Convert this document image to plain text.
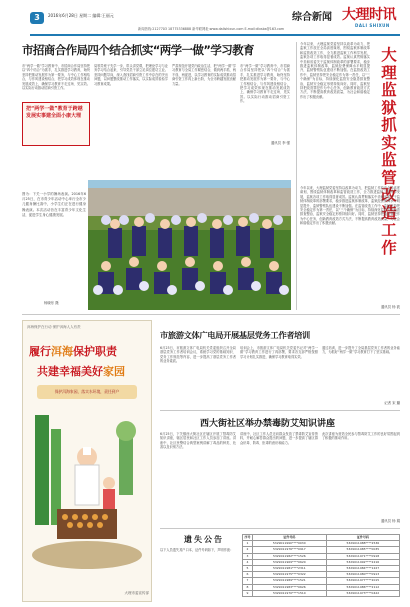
3	2016年6月28日 星期二 编辑:王丽元
新闻热线:2127703 18775336888 新华联网址:www.dalishixun.com E-mail:dlxsbs@163.com
综合新闻 大理时讯
DALI SHIXUN
市招商合作局四个结合抓实“两学一做”学习教育
市“两学一做”学习教育中，市招商合作局坚持把以“四个结合”为抓手，扎实推进学习教育，始终坚持把推动发展作为第一要务，与中心工作相结合，与作风建设相结合，把学习成效体现在推动发展成效上，确保学习教育不走过场、见实效。以实际行动推动招商引资工作。
把“两学一做”教育于跨越发展实事建全面小康大理
局领导班子先学一步，带头讲党课，把理论学习与业务学习结合起来，引导党员干部立足岗位建功立业。坚持问题导向，深入查找招商引资工作中存在的突出问题，以问题整改推动工作落实，以实际成效检验学习教育成果。
严肃规范开展党内政治生活，把“两学一做”学习教育与全局工作紧密结合，做到两手抓、两不误、两促进，以学习教育的实际成效推动招商引资工作再上新台阶，为全市跨越发展贡献力量。
市“两学一做”学习教育中，市招商合作局坚持把以“四个结合”为抓手，扎实推进学习教育，始终坚持把推动发展作为第一要务，与中心工作相结合，与作风建设相结合，把学习成效体现在推动发展成效上，确保学习教育不走过场、见实效。以实际行动推动招商引资工作。
通讯员 李 强
图为：下关一小学的操场表演。2016年6月25日，在市青少年活动中心举行全市少儿健身操比赛中，小学生们正在进行健身操表演。本次活动旨在丰富青少年文化生活，促进学生身心健康发展。
杨晓东 摄
今年以来，大理监狱党委坚持以改革为动力，把监狱工作放在全局高度谋划，围绕监狱体制改革和监管改造工作，全力推进监狱工作科学发展，监狱各项工作取得显著成效。监狱认真贯彻落实中央和省委关于监狱体制改革的部署要求，稳步推进监狱体制改革，监狱经费保障水平明显提升，监狱警察队伍建设不断加强。在监管改造工作中，监狱坚持把安全稳定作为第一责任，以“三个确保”为目标，持续深化监管安全隐患排查整治，监狱安全稳定形势持续向好。同时，监狱坚持把改造罪犯作为中心任务，创新教育改造方式方法，不断提高教育改造质量，为社会和谐稳定作出了积极贡献。
大理监狱抓实监管改造工作
今年以来，大理监狱党委坚持以改革为动力，把监狱工作放在全局高度谋划，围绕监狱体制改革和监管改造工作，全力推进监狱工作科学发展，监狱各项工作取得显著成效。监狱认真贯彻落实中央和省委关于监狱体制改革的部署要求，稳步推进监狱体制改革，监狱经费保障水平明显提升，监狱警察队伍建设不断加强。在监管改造工作中，监狱坚持把安全稳定作为第一责任，以“三个确保”为目标，持续深化监管安全隐患排查整治，监狱安全稳定形势持续向好。同时，监狱坚持把改造罪犯作为中心任务，创新教育改造方式方法，不断提高教育改造质量，为社会和谐稳定作出了积极贡献。
通讯员 杨 波
洱海保护在行动 保护洱海人人有责
履行洱海保护职责
共建幸福美好家园
保护洱海家园，落实水环境，责任到户
大理市委宣传部
市旅游文体广电局开展基层党务工作者培训
6月23日，市旅游文体广电局机关党委组织召开全局基层党务工作者培训会议，系统学习党的基础知识、党务工作规范等内容，进一步提高了基层党务工作者的业务素质。
培训会上，市旅游文体广电局机关党委书记对“两学一做”学习教育工作进行了再部署，要求各支部严格按照学习计划扎实推进，确保学习教育取得实效。
通过培训，进一步提升了全局基层党务工作者的业务能力，为抓好“两学一做”学习教育打下了坚实基础。
记者 宋 璐
西大街社区举办禁毒防艾知识讲座
6月25日，下关镇西大街社区在辖区开展了禁毒防艾知识讲座，辖区居民和社区工作人员参加了讲座。讲座中，社区民警结合典型案例讲解了毒品的种类、危害以及识别方法。
讲座中，社区工作人员还向群众发放了禁毒防艾宣传资料，并耐心解答群众提出的问题，进一步提高了辖区群众识毒、防毒、拒毒的意识和能力。
此次讲座为营造全民参与禁毒防艾工作的良好氛围起到了积极的推动作用。
通讯员 杨 娟
遗失公告
以下人员遗失其户口本，证件号码如下，声明作废：
序号	证件号码	证件号码
1	5329011990****003X	5329011988****2536
2	5329011976****0917	5329011985****0035
3	5329011982****1526	5329011971****0918
4	5329011969****0620	5329011992****2216
5	5329011981****2311	5329011984****1227
6	5329011975****0322	5329011980****0913
7	5329011989****1521	5329011977****2015
8	5329011983****0626	5329011986****2112
9	5329011970****1510	5329011973****0422
